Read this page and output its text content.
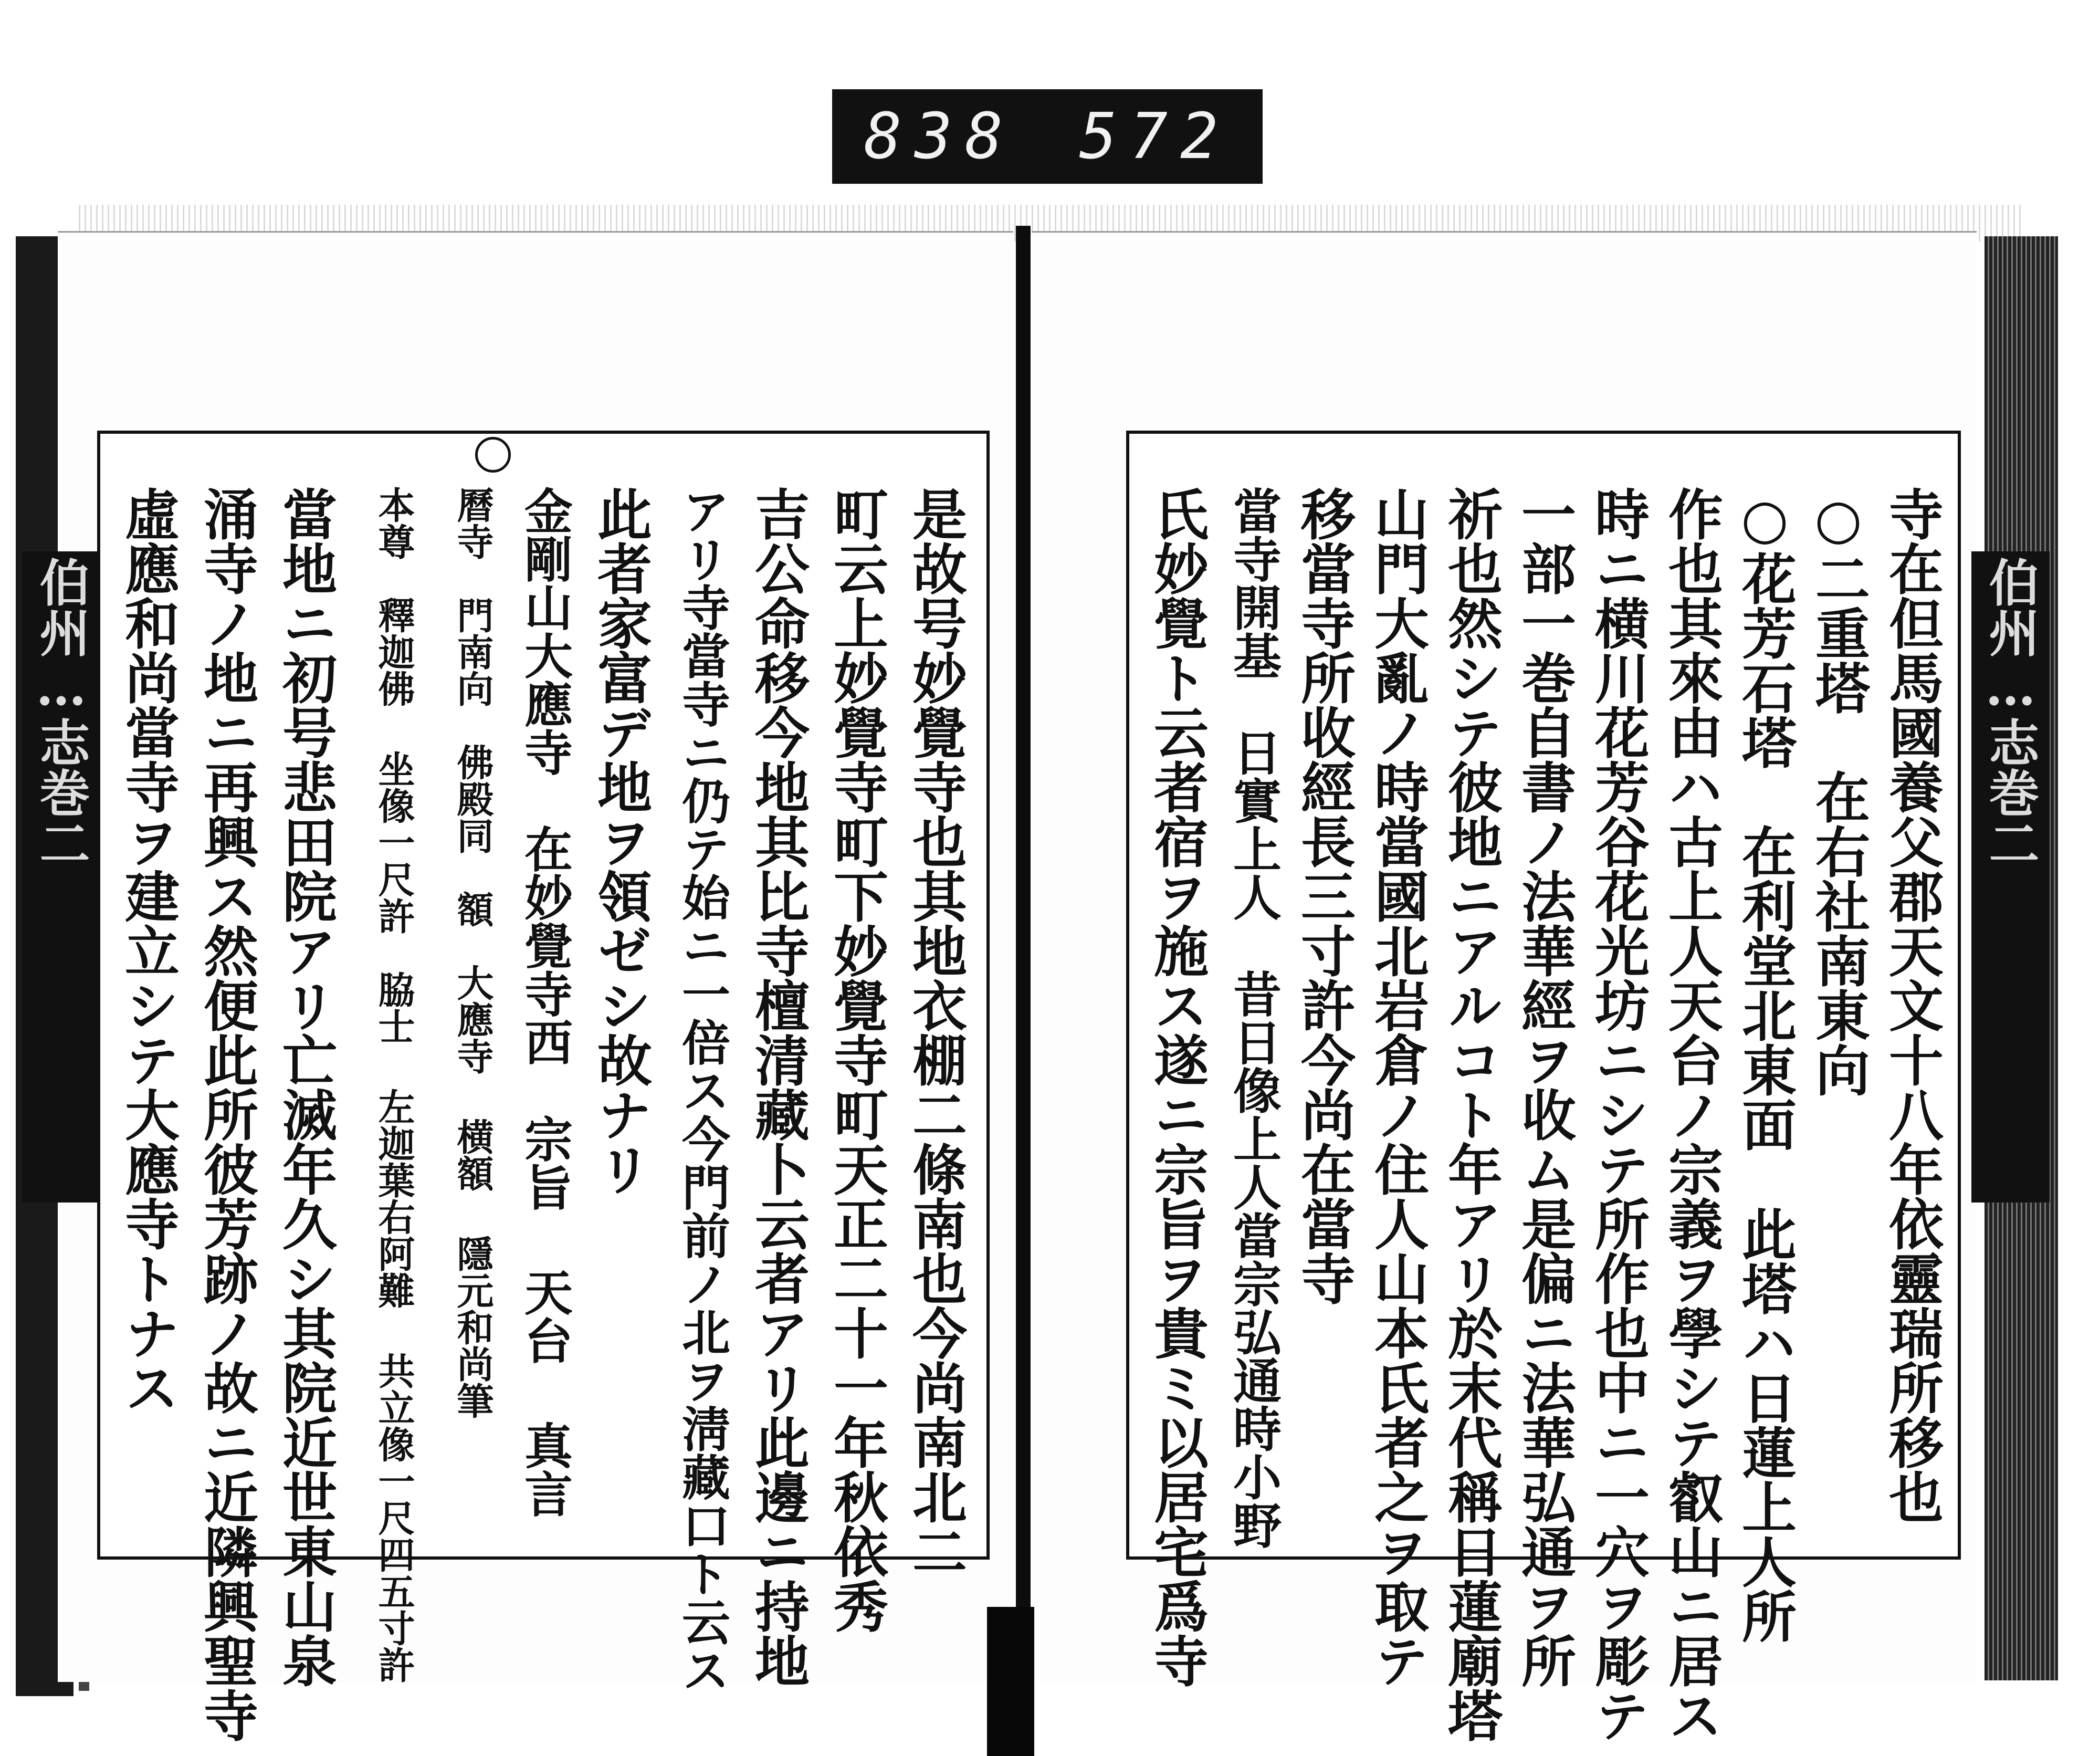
838 572
伯州…志巻二	伯州…志巻二
是故号妙覺寺也其地衣棚二條南也今尚南北二
町云上妙覺寺町下妙覺寺町天正二十一年秋依秀
吉公命移今地其比寺檀清藏卜云者アリ此邊ニ持地
アリ寺當寺ニ仍テ始ニ一倍ス今門前ノ北ヲ淸藏口ト云ス
此者家富デ地ヲ領ゼシ故ナリ
金剛山大應寺　在妙覺寺西　宗旨 天台 真言
曆寺　門南向　佛殿同　額　大應寺 横額 隱元和尚筆
本尊　釋迦佛 坐像一尺許　脇士 左迦葉右阿難 共立像一尺四五寸許
當地ニ初号悲田院アリ亡滅年久シ其院近世東山泉
涌寺ノ地ニ再興ス然便此所彼芳跡ノ故ニ近隣興聖寺
虛應和尚當寺ヲ建立シテ大應寺トナス	寺在但馬國養父郡天文十八年依靈瑞所移也
○二重塔　在右社南東向
○花芳石塔　在利堂北東面　此塔ハ日蓮上人所
作也其來由ハ古上人天台ノ宗義ヲ學シテ叡山ニ居ス
時ニ横川花芳谷花光坊ニシテ所作也中ニ一穴ヲ彫テ
一部一巻自書ノ法華經ヲ收ム是偏ニ法華弘通ヲ所
祈也然シテ彼地ニアルコト年アリ於末代稱日蓮廟塔
山門大亂ノ時當國北岩倉ノ住人山本氏者之ヲ取テ
移當寺所收經長三寸許今尚在當寺
當寺開基　日實上人　昔日像上人當宗弘通時小野
氏妙覺ト云者宿ヲ施ス遂ニ宗旨ヲ貴ミ以居宅爲寺
